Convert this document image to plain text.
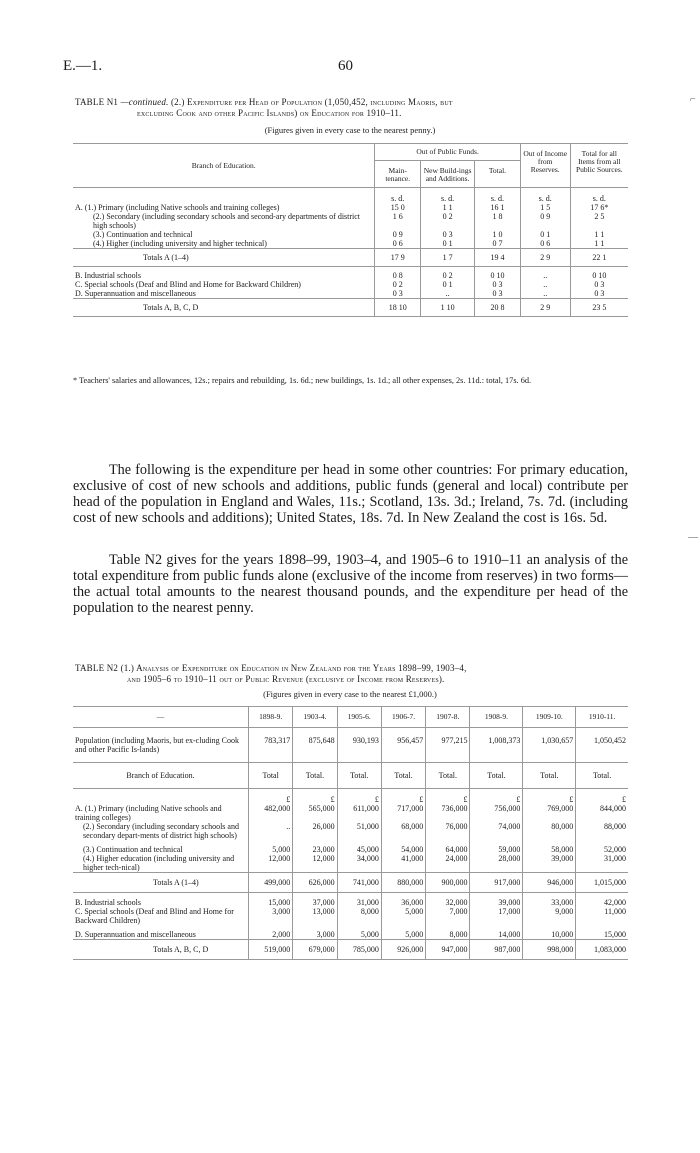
E.—1.	60
TABLE N1 —continued. (2.) Expenditure per Head of Population (1,050,452, including Maoris, but
excluding Cook and other Pacific Islands) on Education for 1910–11.
(Figures given in every case to the nearest penny.)
Branch of Education.	Out of Public Funds.			Out of Income from Reserves.	Total for all Items from all Public Sources.
	Main-tenance.	New Build-ings and Additions.	Total.		
	s. d.	s. d.	s. d.	s. d.	s. d.
A. (1.) Primary (including Native schools and training colleges)	15 0	1 1	16 1	1 5	17 6*
(2.) Secondary (including secondary schools and second-ary departments of district high schools)	1 6	0 2	1 8	0 9	2 5
(3.) Continuation and technical	0 9	0 3	1 0	0 1	1 1
(4.) Higher (including university and higher technical)	0 6	0 1	0 7	0 6	1 1
Totals A (1–4)	17 9	1 7	19 4	2 9	22 1
B. Industrial schools	0 8	0 2	0 10	..	0 10
C. Special schools (Deaf and Blind and Home for Backward Children)	0 2	0 1	0 3	..	0 3
D. Superannuation and miscellaneous	0 3	..	0 3	..	0 3
Totals A, B, C, D	18 10	1 10	20 8	2 9	23 5
* Teachers' salaries and allowances, 12s.; repairs and rebuilding, 1s. 6d.; new buildings, 1s. 1d.; all other expenses, 2s. 11d.: total, 17s. 6d.
The following is the expenditure per head in some other countries: For primary education, exclusive of cost of new schools and additions, public funds (general and local) contribute per head of the population in England and Wales, 11s.; Scotland, 13s. 3d.; Ireland, 7s. 7d. (including cost of new schools and additions); United States, 18s. 7d. In New Zealand the cost is 16s. 5d.
Table N2 gives for the years 1898–99, 1903–4, and 1905–6 to 1910–11 an analysis of the total expenditure from public funds alone (exclusive of the income from reserves) in two forms—the actual total amounts to the nearest thousand pounds, and the expenditure per head of the population to the nearest penny.
TABLE N2 (1.) Analysis of Expenditure on Education in New Zealand for the Years 1898–99, 1903–4,
and 1905–6 to 1910–11 out of Public Revenue (exclusive of Income from Reserves).
(Figures given in every case to the nearest £1,000.)
—	1898-9.	1903-4.	1905-6.	1906-7.	1907-8.	1908-9.	1909-10.	1910-11.
Population (including Maoris, but ex-cluding Cook and other Pacific Is-lands)	783,317	875,648	930,193	956,457	977,215	1,008,373	1,030,657	1,050,452
Branch of Education.	Total	Total.	Total.	Total.	Total.	Total.	Total.	Total.
	£	£	£	£	£	£	£	£
A. (1.) Primary (including Native schools and training colleges)	482,000	565,000	611,000	717,000	736,000	756,000	769,000	844,000
(2.) Secondary (including secondary schools and secondary depart-ments of district high schools)	..	26,000	51,000	68,000	76,000	74,000	80,000	88,000
(3.) Continuation and technical	5,000	23,000	45,000	54,000	64,000	59,000	58,000	52,000
(4.) Higher education (including university and higher tech-nical)	12,000	12,000	34,000	41,000	24,000	28,000	39,000	31,000
Totals A (1–4)	499,000	626,000	741,000	880,000	900,000	917,000	946,000	1,015,000
B. Industrial schools	15,000	37,000	31,000	36,000	32,000	39,000	33,000	42,000
C. Special schools (Deaf and Blind and Home for Backward Children)	3,000	13,000	8,000	5,000	7,000	17,000	9,000	11,000
D. Superannuation and miscellaneous	2,000	3,000	5,000	5,000	8,000	14,000	10,000	15,000
Totals A, B, C, D	519,000	679,000	785,000	926,000	947,000	987,000	998,000	1,083,000
⌐
—
